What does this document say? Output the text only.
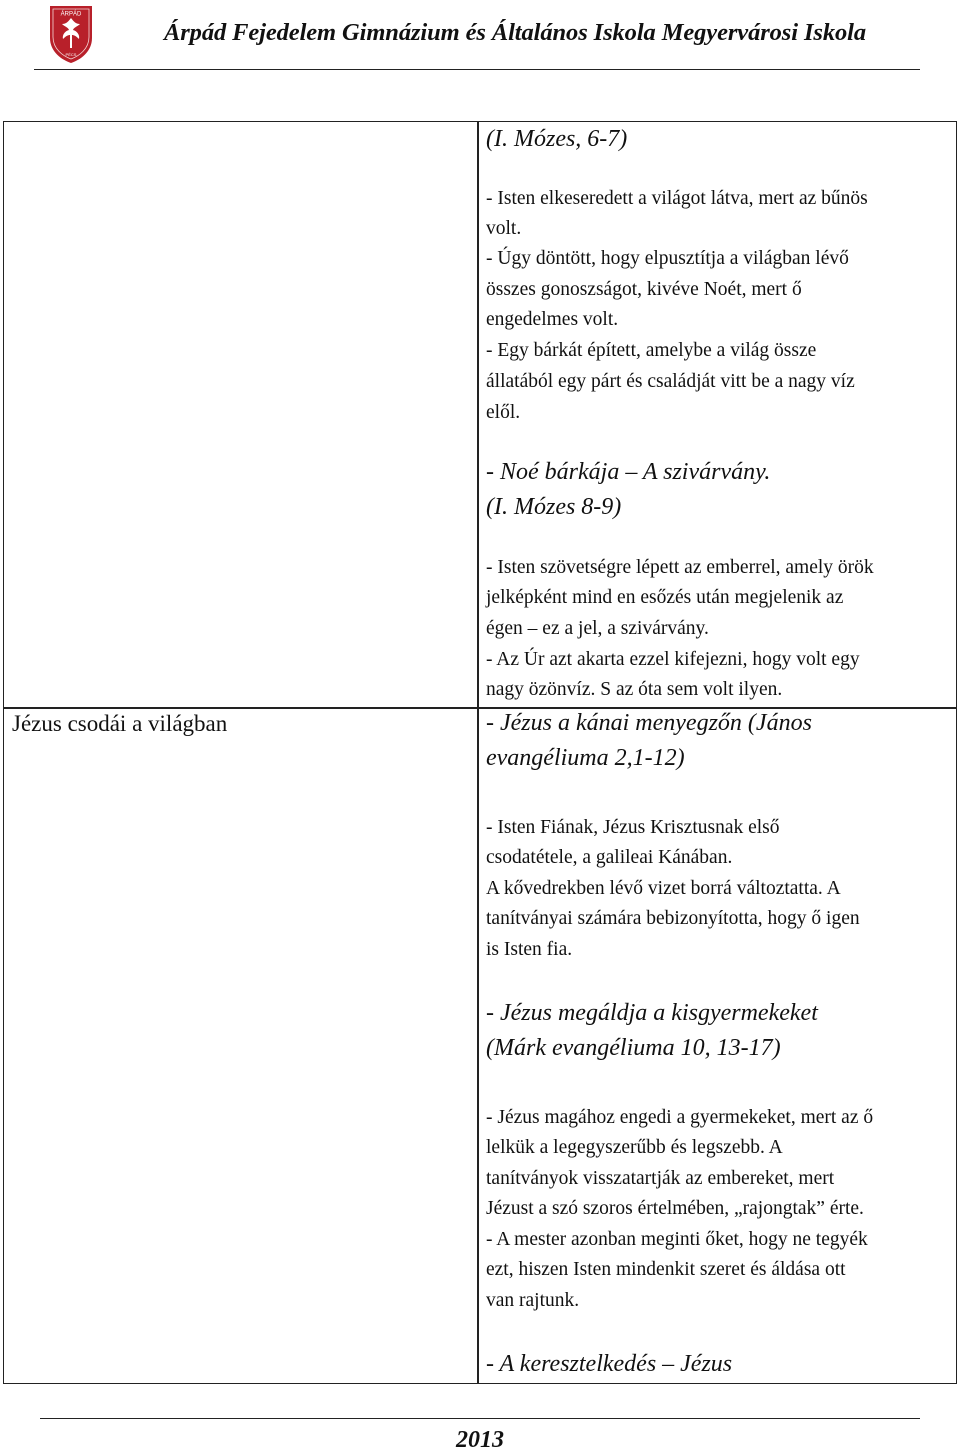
ÁRPÁD
PÉCS
Árpád Fejedelem Gimnázium és Általános Iskola Megyervárosi Iskola
Jézus csodái a világban
(I. Mózes, 6-7)
- Isten elkeseredett a világot látva, mert az bűnös
volt.
- Úgy döntött, hogy elpusztítja a világban lévő
összes gonoszságot, kivéve Noét, mert ő
engedelmes volt.
- Egy bárkát épített, amelybe a világ össze
állatából egy párt és családját vitt be a nagy víz
elől.
- Noé bárkája – A szivárvány.
(I. Mózes 8-9)
- Isten szövetségre lépett az emberrel, amely örök
jelképként mind en esőzés után megjelenik az
égen – ez a jel, a szivárvány.
- Az Úr azt akarta ezzel kifejezni, hogy volt egy
nagy özönvíz. S az óta sem volt ilyen.
- Jézus a kánai menyegzőn (János
evangéliuma 2,1-12)
- Isten Fiának, Jézus Krisztusnak első
csodatétele, a galileai Kánában.
A kővedrekben lévő vizet borrá változtatta. A
tanítványai számára bebizonyította, hogy ő igen
is Isten fia.
- Jézus megáldja a kisgyermekeket
(Márk evangéliuma 10, 13-17)
- Jézus magához engedi a gyermekeket, mert az ő
lelkük a legegyszerűbb és legszebb. A
tanítványok visszatartják az embereket, mert
Jézust a szó szoros értelmében, „rajongtak” érte.
- A mester azonban meginti őket, hogy ne tegyék
ezt, hiszen Isten mindenkit szeret és áldása ott
van rajtunk.
- A keresztelkedés – Jézus
2013
